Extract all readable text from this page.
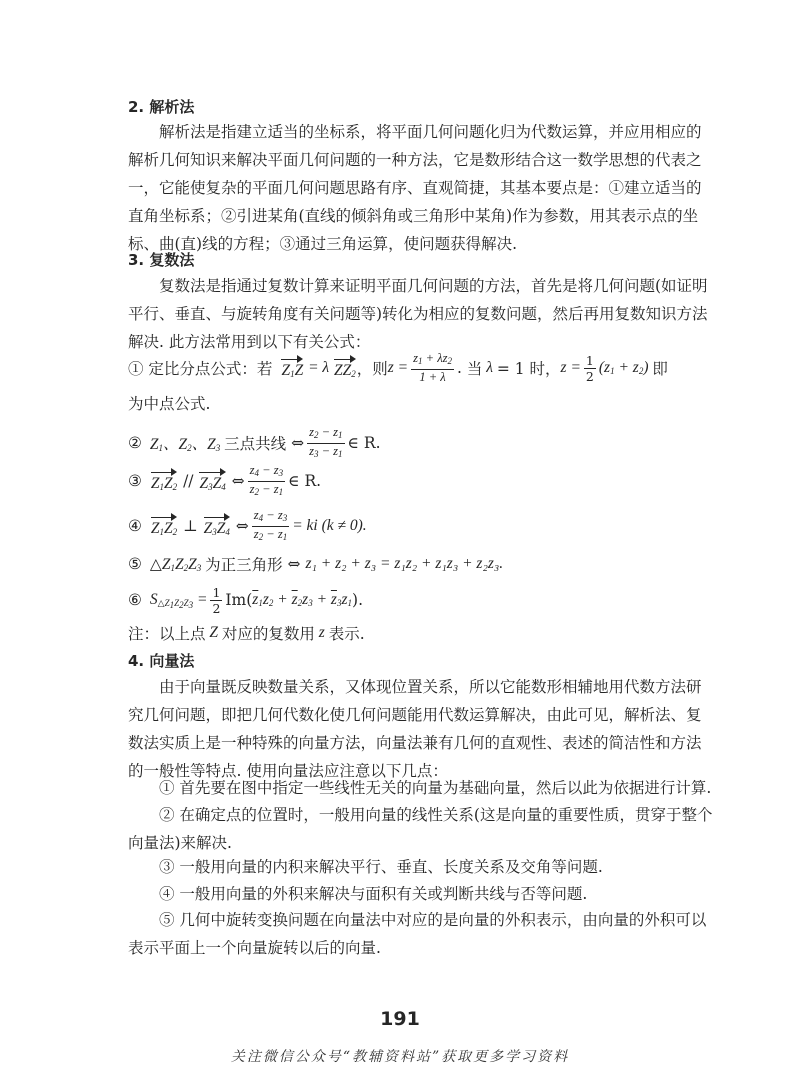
2. 解析法
解析法是指建立适当的坐标系，将平面几何问题化归为代数运算，并应用相应的解析几何知识来解决平面几何问题的一种方法，它是数形结合这一数学思想的代表之一，它能使复杂的平面几何问题思路有序、直观简捷，其基本要点是：①建立适当的直角坐标系；②引进某角(直线的倾斜角或三角形中某角)作为参数，用其表示点的坐标、曲(直)线的方程；③通过三角运算，使问题获得解决.
3. 复数法
复数法是指通过复数计算来证明平面几何问题的方法，首先是将几何问题(如证明平行、垂直、与旋转角度有关问题等)转化为相应的复数问题，然后再用复数知识方法解决. 此方法常用到以下有关公式：
① 定比分点公式：若 $Z_1Z = \lambda$ $ZZ_2$ ，则 $z = \frac{z_1 + \lambda z_2}{1 + \lambda}$ . 当 λ = 1 时， $z = \frac{1}{2} (z_1 + z_2)$ 即
为中点公式.
② $Z_1$、$Z_2$、$Z_3$ 三点共线 ⇔ $\frac{z_2 - z_1}{z_3 - z_1}$ ∈ R.
③ $Z_1Z_2 // Z_3Z_4$ ⇔ $\frac{z_4 - z_3}{z_2 - z_1}$ ∈ R.
④ $Z_1Z_2$ ⊥ $Z_3Z_4$ ⇔ $\frac{z_4 - z_3}{z_2 - z_1}$ = ki (k ≠ 0).
⑤ $\triangle Z_1Z_2Z_3$ 为正三角形 ⇔ z₁ + z₂ + z₃ = z₁z₂ + z₁z₃ + z₂z₃.
⑥ $S_{\triangle Z_1Z_2Z_3} = \frac{1}{2} Im$( $\overline{z}_1z_2 + \overline{z}_2z_3 + \overline{z}_3z_1$ ).
注：以上点 Z 对应的复数用 z 表示.
4. 向量法
由于向量既反映数量关系，又体现位置关系，所以它能数形相辅地用代数方法研究几何问题，即把几何代数化使几何问题能用代数运算解决，由此可见，解析法、复数法实质上是一种特殊的向量方法，向量法兼有几何的直观性、表述的简洁性和方法的一般性等特点. 使用向量法应注意以下几点：
① 首先要在图中指定一些线性无关的向量为基础向量，然后以此为依据进行计算.
② 在确定点的位置时，一般用向量的线性关系(这是向量的重要性质，贯穿于整个向量法)来解决.
③ 一般用向量的内积来解决平行、垂直、长度关系及交角等问题.
④ 一般用向量的外积来解决与面积有关或判断共线与否等问题.
⑤ 几何中旋转变换问题在向量法中对应的是向量的外积表示，由向量的外积可以表示平面上一个向量旋转以后的向量.
191
关注微信公众号“教辅资料站”获取更多学习资料
